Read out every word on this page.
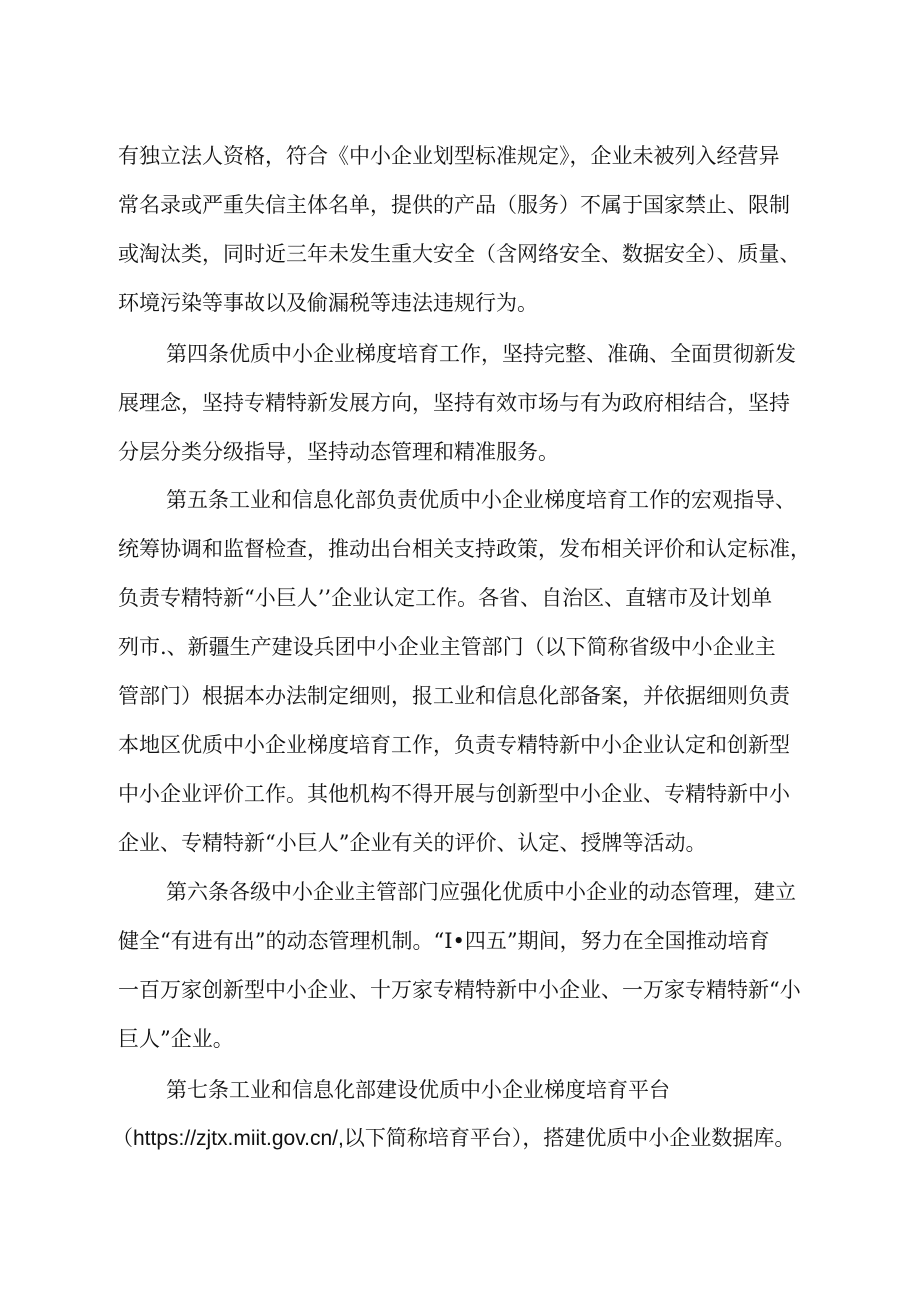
有独立法人资格，符合《中小企业划型标准规定》，企业未被列入经营异
常名录或严重失信主体名单，提供的产品（服务）不属于国家禁止、限制
或淘汰类，同时近三年未发生重大安全（含网络安全、数据安全）、质量、
环境污染等事故以及偷漏税等违法违规行为。
第四条优质中小企业梯度培育工作，坚持完整、准确、全面贯彻新发
展理念，坚持专精特新发展方向，坚持有效市场与有为政府相结合，坚持
分层分类分级指导，坚持动态管理和精准服务。
第五条工业和信息化部负责优质中小企业梯度培育工作的宏观指导、
统筹协调和监督检查，推动出台相关支持政策，发布相关评价和认定标准，
负责专精特新“小巨人’’企业认定工作。各省、自治区、直辖市及计划单
列市.、新疆生产建设兵团中小企业主管部门（以下简称省级中小企业主
管部门）根据本办法制定细则，报工业和信息化部备案，并依据细则负责
本地区优质中小企业梯度培育工作，负责专精特新中小企业认定和创新型
中小企业评价工作。其他机构不得开展与创新型中小企业、专精特新中小
企业、专精特新“小巨人”企业有关的评价、认定、授牌等活动。
第六条各级中小企业主管部门应强化优质中小企业的动态管理，建立
健全“有进有出”的动态管理机制。“I•四五”期间，努力在全国推动培育
一百万家创新型中小企业、十万家专精特新中小企业、一万家专精特新“小
巨人”企业。
第七条工业和信息化部建设优质中小企业梯度培育平台
（https://zjtx.miit.gov.cn/,以下简称培育平台），搭建优质中小企业数据库。
